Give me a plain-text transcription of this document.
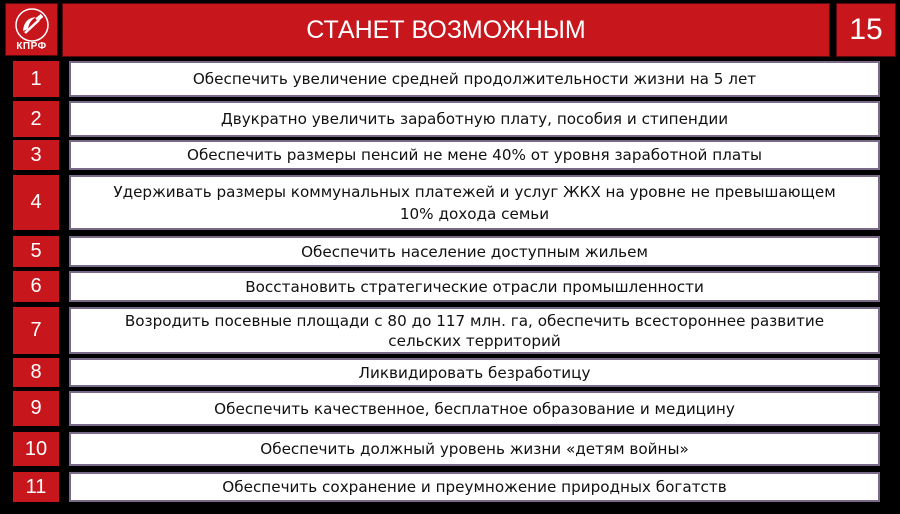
КПРФ
СТАНЕТ ВОЗМОЖНЫМ	15
1	Обеспечить увеличение средней продолжительности жизни на 5 лет
2	Двукратно увеличить заработную плату, пособия и стипендии
3	Обеспечить размеры пенсий не мене 40% от уровня заработной платы
4	Удерживать размеры коммунальных платежей и услуг ЖКХ на уровне не превышающем 10% дохода семьи
5	Обеспечить население доступным жильем
6	Восстановить стратегические отрасли промышленности
7	Возродить посевные площади с 80 до 117 млн. га, обеспечить всестороннее развитие сельских территорий
8	Ликвидировать безработицу
9	Обеспечить качественное, бесплатное образование и медицину
10	Обеспечить должный уровень жизни «детям войны»
11	Обеспечить сохранение и преумножение природных богатств
